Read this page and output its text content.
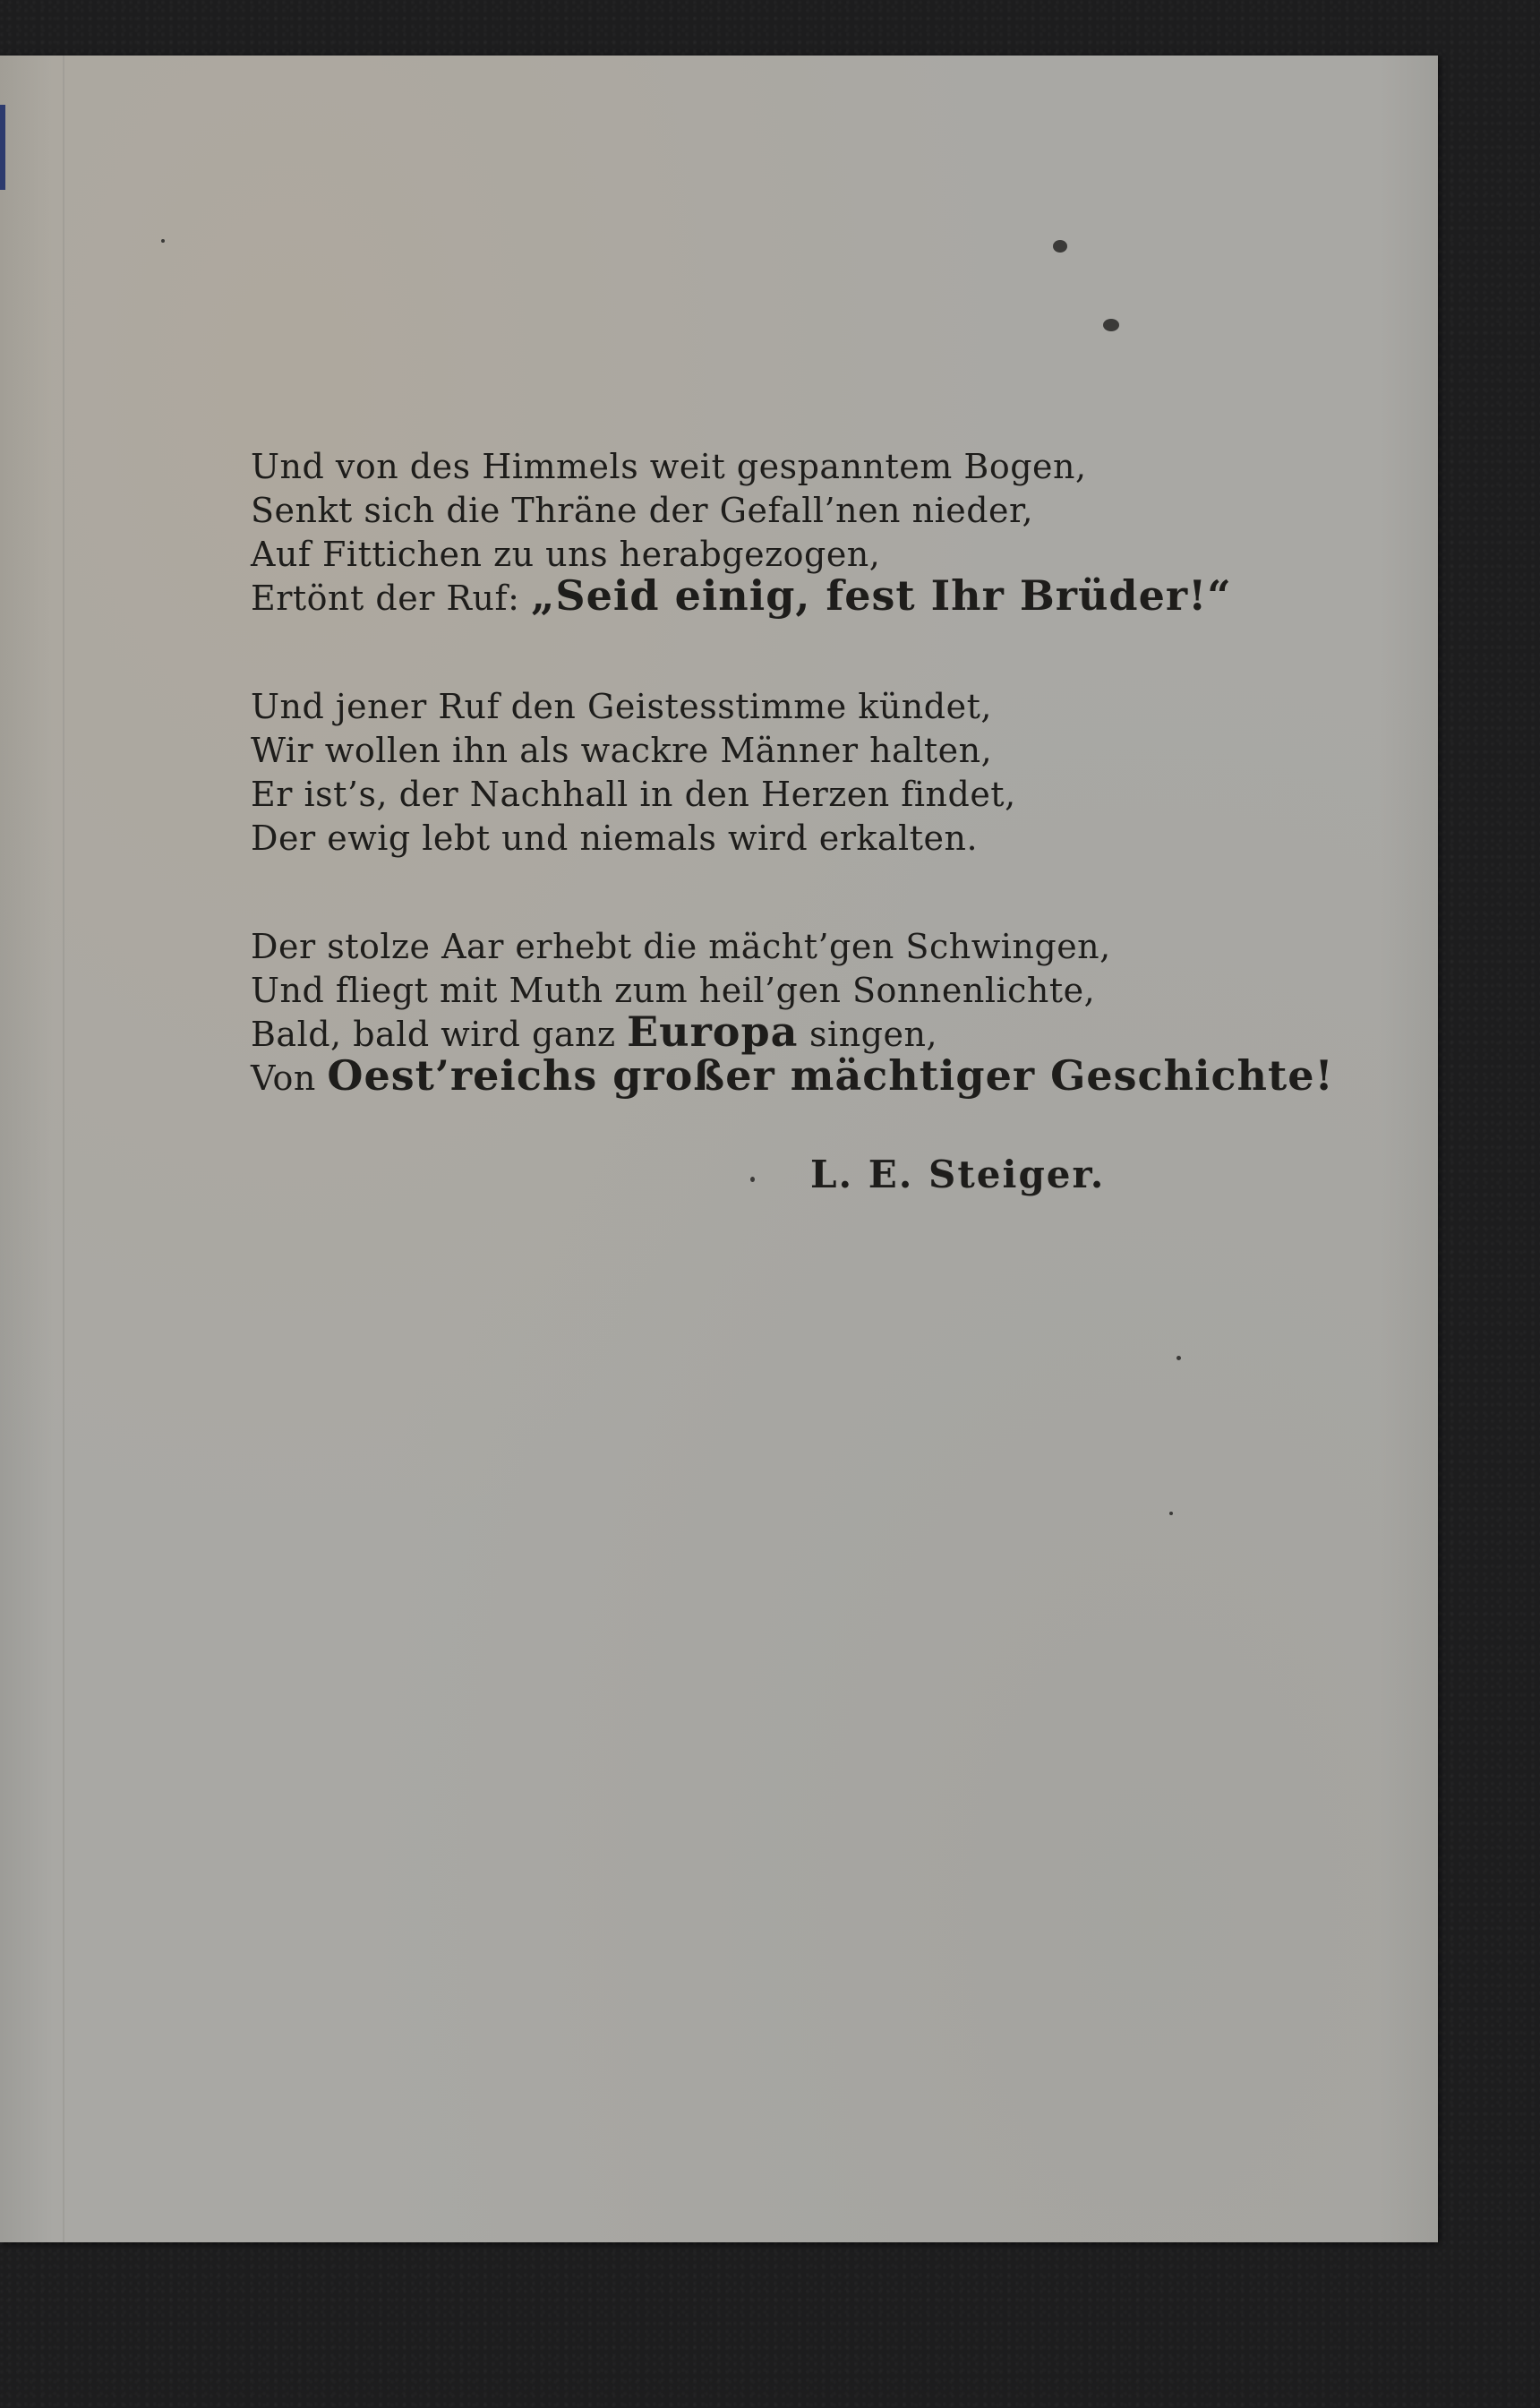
Und von des Himmels weit gespanntem Bogen,
Senkt sich die Thräne der Gefall’nen nieder,
Auf Fittichen zu uns herabgezogen,
Ertönt der Ruf: „Seid einig, fest Ihr Brüder!“
Und jener Ruf den Geistesstimme kündet,
Wir wollen ihn als wackre Männer halten,
Er ist’s, der Nachhall in den Herzen findet,
Der ewig lebt und niemals wird erkalten.
Der stolze Aar erhebt die mächt’gen Schwingen,
Und fliegt mit Muth zum heil’gen Sonnenlichte,
Bald, bald wird ganz Europa singen,
Von Oest’reichs großer mächtiger Geschichte!
L. E. Steiger.
